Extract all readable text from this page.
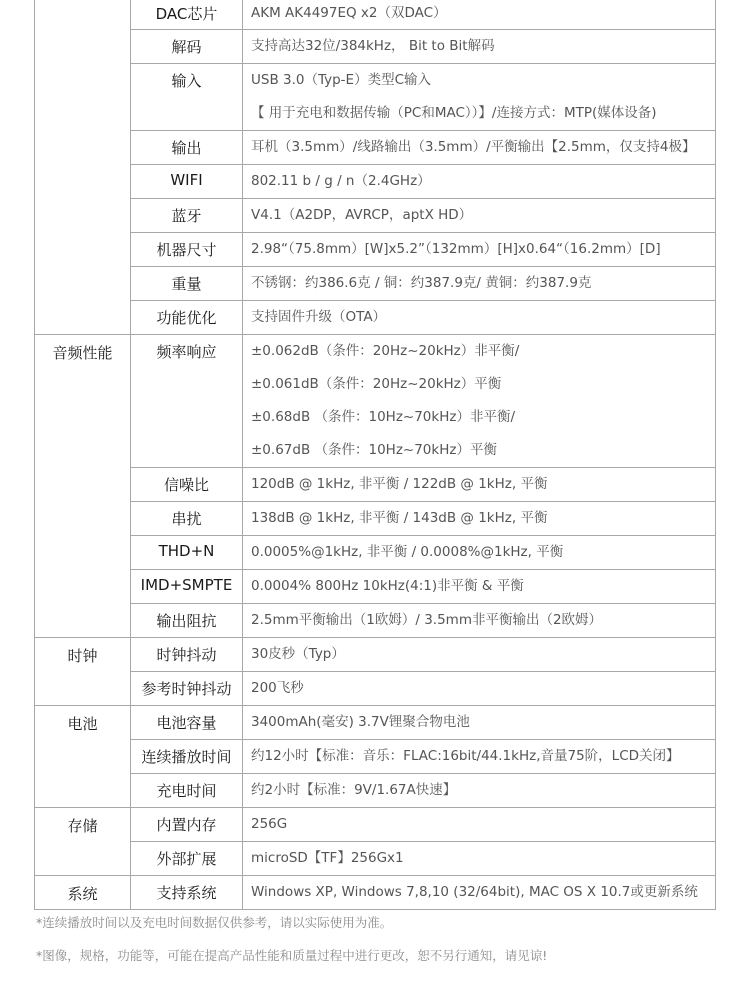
	DAC芯片	AKM AK4497EQ x2（双DAC）

	解码	支持高达32位/384kHz， Bit to Bit解码

	输入	USB 3.0（Typ-E）类型C输入
【 用于充电和数据传输（PC和MAC））】/连接方式：MTP(媒体设备)

	输出	耳机（3.5mm）/线路输出（3.5mm）/平衡输出【2.5mm，仅支持4极】

	WIFI	802.11 b / g / n（2.4GHz）

	蓝牙	V4.1（A2DP，AVRCP，aptX HD）

	机器尺寸	2.98“（75.8mm）[W]x5.2”（132mm）[H]x0.64“（16.2mm）[D]

	重量	不锈钢：约386.6克 / 铜：约387.9克/ 黄铜：约387.9克

	功能优化	支持固件升级（OTA）

音频性能	频率响应	±0.062dB（条件：20Hz~20kHz）非平衡/
±0.061dB（条件：20Hz~20kHz）平衡
±0.68dB （条件：10Hz~70kHz）非平衡/
±0.67dB （条件：10Hz~70kHz）平衡

	信噪比	120dB @ 1kHz, 非平衡 / 122dB @ 1kHz, 平衡

	串扰	138dB @ 1kHz, 非平衡 / 143dB @ 1kHz, 平衡

	THD+N	0.0005%@1kHz, 非平衡 / 0.0008%@1kHz, 平衡

	IMD+SMPTE	0.0004% 800Hz 10kHz(4:1)非平衡 & 平衡

	输出阻抗	2.5mm平衡输出（1欧姆）/ 3.5mm非平衡输出（2欧姆）

时钟	时钟抖动	30皮秒（Typ）

	参考时钟抖动	200飞秒

电池	电池容量	3400mAh(毫安) 3.7V锂聚合物电池

	连续播放时间	约12小时【标准：音乐：FLAC:16bit/44.1kHz,音量75阶，LCD关闭】

	充电时间	约2小时【标准：9V/1.67A快速】

存储	内置内存	256G

	外部扩展	microSD【TF】256Gx1

系统	支持系统	Windows XP, Windows 7,8,10 (32/64bit), MAC OS X 10.7或更新系统
*连续播放时间以及充电时间数据仅供参考，请以实际使用为准。
*图像，规格，功能等，可能在提高产品性能和质量过程中进行更改，恕不另行通知，请见谅!
